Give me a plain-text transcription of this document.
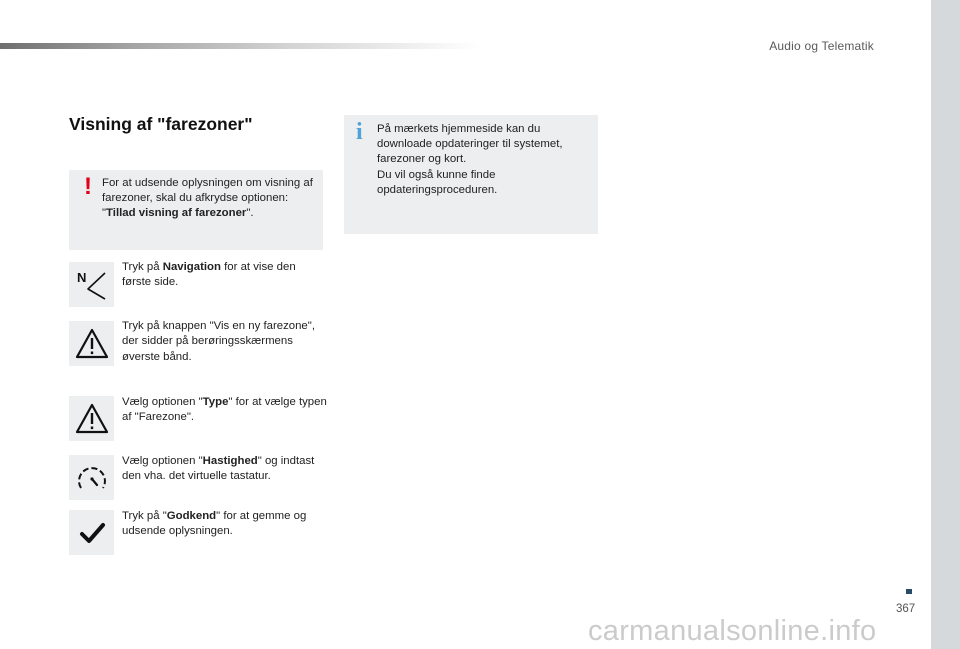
Audio og Telematik
Visning af "farezoner"
! For at udsende oplysningen om visning af farezoner, skal du afkrydse optionen: "Tillad visning af farezoner".
i På mærkets hjemmeside kan du downloade opdateringer til systemet, farezoner og kort.
Du vil også kunne finde opdateringsproceduren.
N
Tryk på Navigation for at vise den første side.
Tryk på knappen "Vis en ny farezone", der sidder på berøringsskærmens øverste bånd.
Vælg optionen "Type" for at vælge typen af "Farezone".
Vælg optionen "Hastighed" og indtast den vha. det virtuelle tastatur.
Tryk på "Godkend" for at gemme og udsende oplysningen.
367
carmanualsonline.info
